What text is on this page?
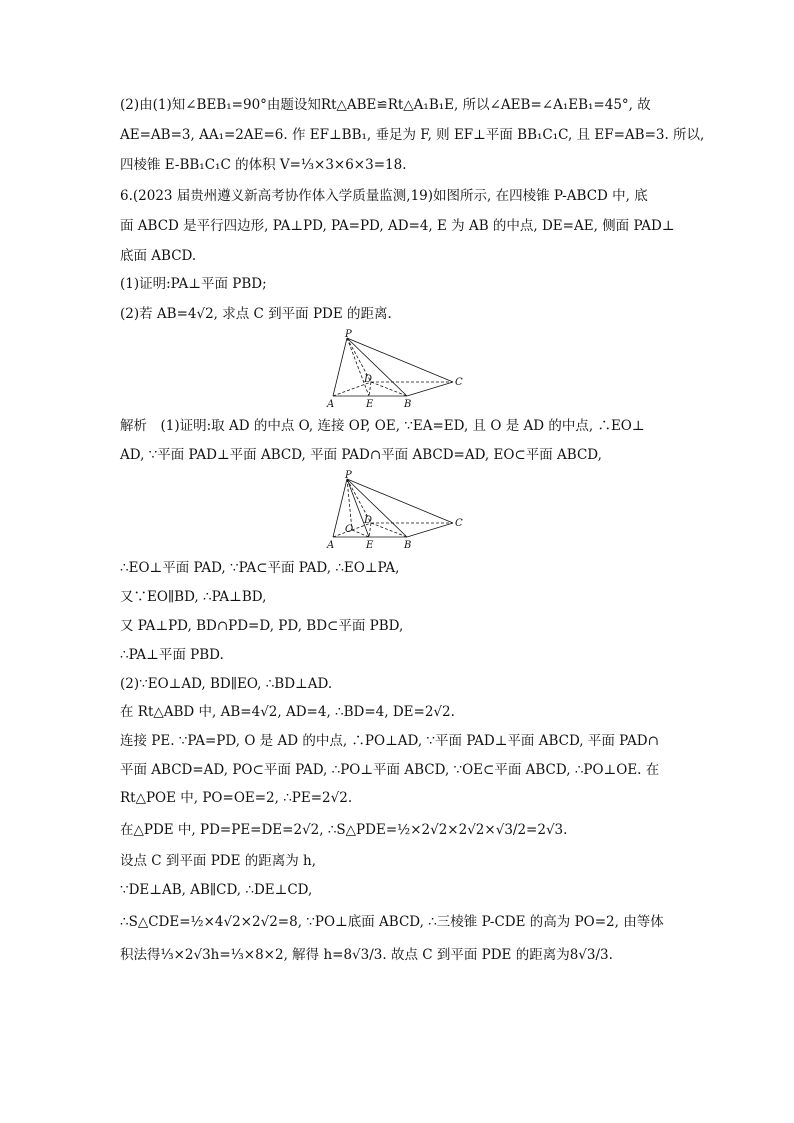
(2)由(1)知∠BEB₁=90°由题设知Rt△ABE≌Rt△A₁B₁E, 所以∠AEB=∠A₁EB₁=45°, 故
AE=AB=3, AA₁=2AE=6. 作 EF⊥BB₁, 垂足为 F, 则 EF⊥平面 BB₁C₁C, 且 EF=AB=3. 所以,
四棱锥 E-BB₁C₁C 的体积 V=⅓×3×6×3=18.
6.(2023 届贵州遵义新高考协作体入学质量监测,19)如图所示, 在四棱锥 P-ABCD 中, 底
面 ABCD 是平行四边形, PA⊥PD, PA=PD, AD=4, E 为 AB 的中点, DE=AE, 侧面 PAD⊥
底面 ABCD.
(1)证明:PA⊥平面 PBD;
(2)若 AB=4√2, 求点 C 到平面 PDE 的距离.
P
D	C
A	E	B
解析　(1)证明:取 AD 的中点 O, 连接 OP, OE, ∵EA=ED, 且 O 是 AD 的中点, ∴EO⊥
AD, ∵平面 PAD⊥平面 ABCD, 平面 PAD∩平面 ABCD=AD, EO⊂平面 ABCD,
P
D
O
C
A	E	B
∴EO⊥平面 PAD, ∵PA⊂平面 PAD, ∴EO⊥PA,
又∵EO∥BD, ∴PA⊥BD,
又 PA⊥PD, BD∩PD=D, PD, BD⊂平面 PBD,
∴PA⊥平面 PBD.
(2)∵EO⊥AD, BD∥EO, ∴BD⊥AD.
在 Rt△ABD 中, AB=4√2, AD=4, ∴BD=4, DE=2√2.
连接 PE. ∵PA=PD, O 是 AD 的中点, ∴PO⊥AD, ∵平面 PAD⊥平面 ABCD, 平面 PAD∩
平面 ABCD=AD, PO⊂平面 PAD, ∴PO⊥平面 ABCD, ∵OE⊂平面 ABCD, ∴PO⊥OE. 在
Rt△POE 中, PO=OE=2, ∴PE=2√2.
在△PDE 中, PD=PE=DE=2√2, ∴S△PDE=½×2√2×2√2×√3/2=2√3.
设点 C 到平面 PDE 的距离为 h,
∵DE⊥AB, AB∥CD, ∴DE⊥CD,
∴S△CDE=½×4√2×2√2=8, ∵PO⊥底面 ABCD, ∴三棱锥 P-CDE 的高为 PO=2, 由等体
积法得⅓×2√3h=⅓×8×2, 解得 h=8√3/3. 故点 C 到平面 PDE 的距离为8√3/3.
